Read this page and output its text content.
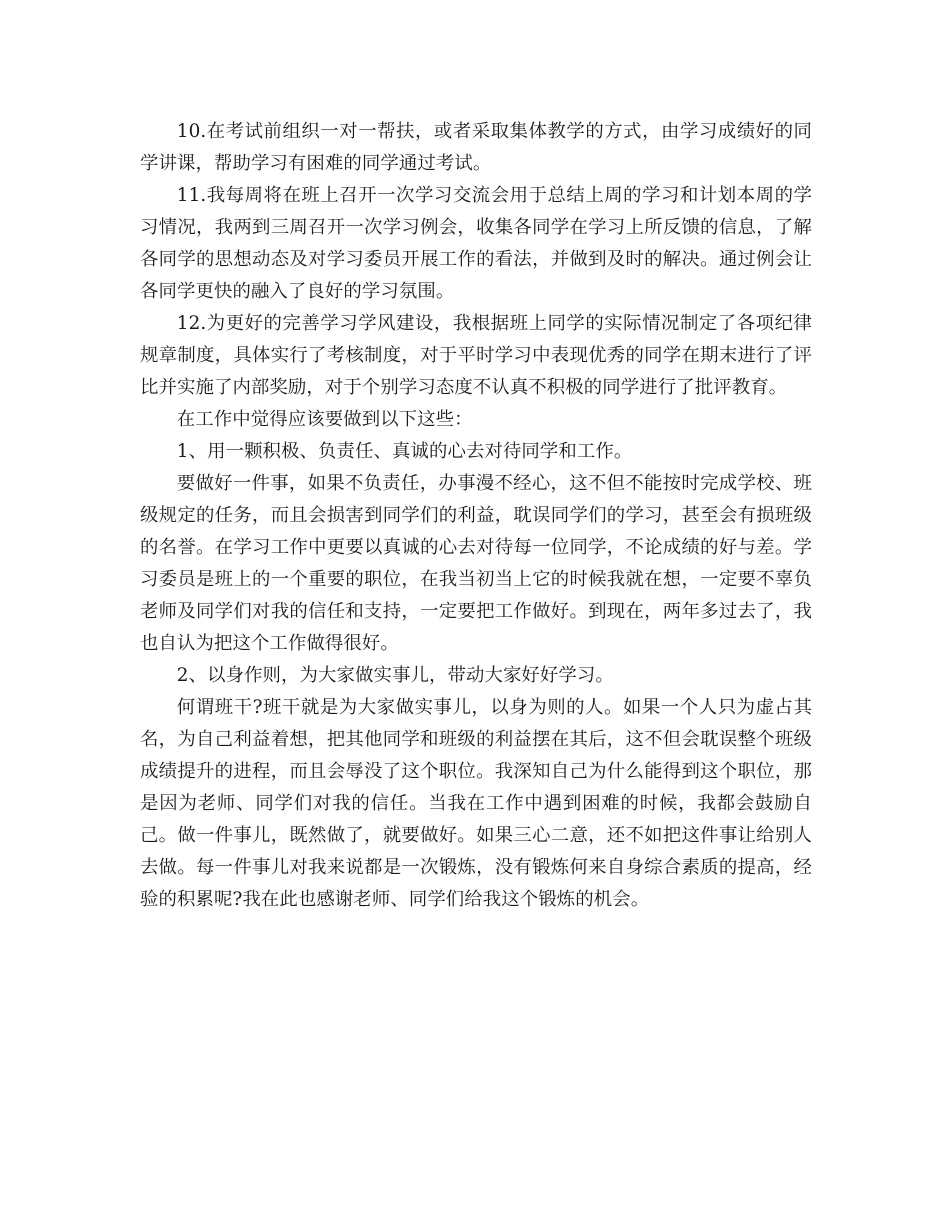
10.在考试前组织一对一帮扶，或者采取集体教学的方式，由学习成绩好的同学讲课，帮助学习有困难的同学通过考试。

11.我每周将在班上召开一次学习交流会用于总结上周的学习和计划本周的学习情况，我两到三周召开一次学习例会，收集各同学在学习上所反馈的信息，了解各同学的思想动态及对学习委员开展工作的看法，并做到及时的解决。通过例会让各同学更快的融入了良好的学习氛围。

12.为更好的完善学习学风建设，我根据班上同学的实际情况制定了各项纪律规章制度，具体实行了考核制度，对于平时学习中表现优秀的同学在期末进行了评比并实施了内部奖励，对于个别学习态度不认真不积极的同学进行了批评教育。

在工作中觉得应该要做到以下这些：

1、用一颗积极、负责任、真诚的心去对待同学和工作。

要做好一件事，如果不负责任，办事漫不经心，这不但不能按时完成学校、班级规定的任务，而且会损害到同学们的利益，耽误同学们的学习，甚至会有损班级的名誉。在学习工作中更要以真诚的心去对待每一位同学，不论成绩的好与差。学习委员是班上的一个重要的职位，在我当初当上它的时候我就在想，一定要不辜负老师及同学们对我的信任和支持，一定要把工作做好。到现在，两年多过去了，我也自认为把这个工作做得很好。

2、以身作则，为大家做实事儿，带动大家好好学习。

何谓班干?班干就是为大家做实事儿，以身为则的人。如果一个人只为虚占其名，为自己利益着想，把其他同学和班级的利益摆在其后，这不但会耽误整个班级成绩提升的进程，而且会辱没了这个职位。我深知自己为什么能得到这个职位，那是因为老师、同学们对我的信任。当我在工作中遇到困难的时候，我都会鼓励自己。做一件事儿，既然做了，就要做好。如果三心二意，还不如把这件事让给别人去做。每一件事儿对我来说都是一次锻炼，没有锻炼何来自身综合素质的提高，经验的积累呢?我在此也感谢老师、同学们给我这个锻炼的机会。
